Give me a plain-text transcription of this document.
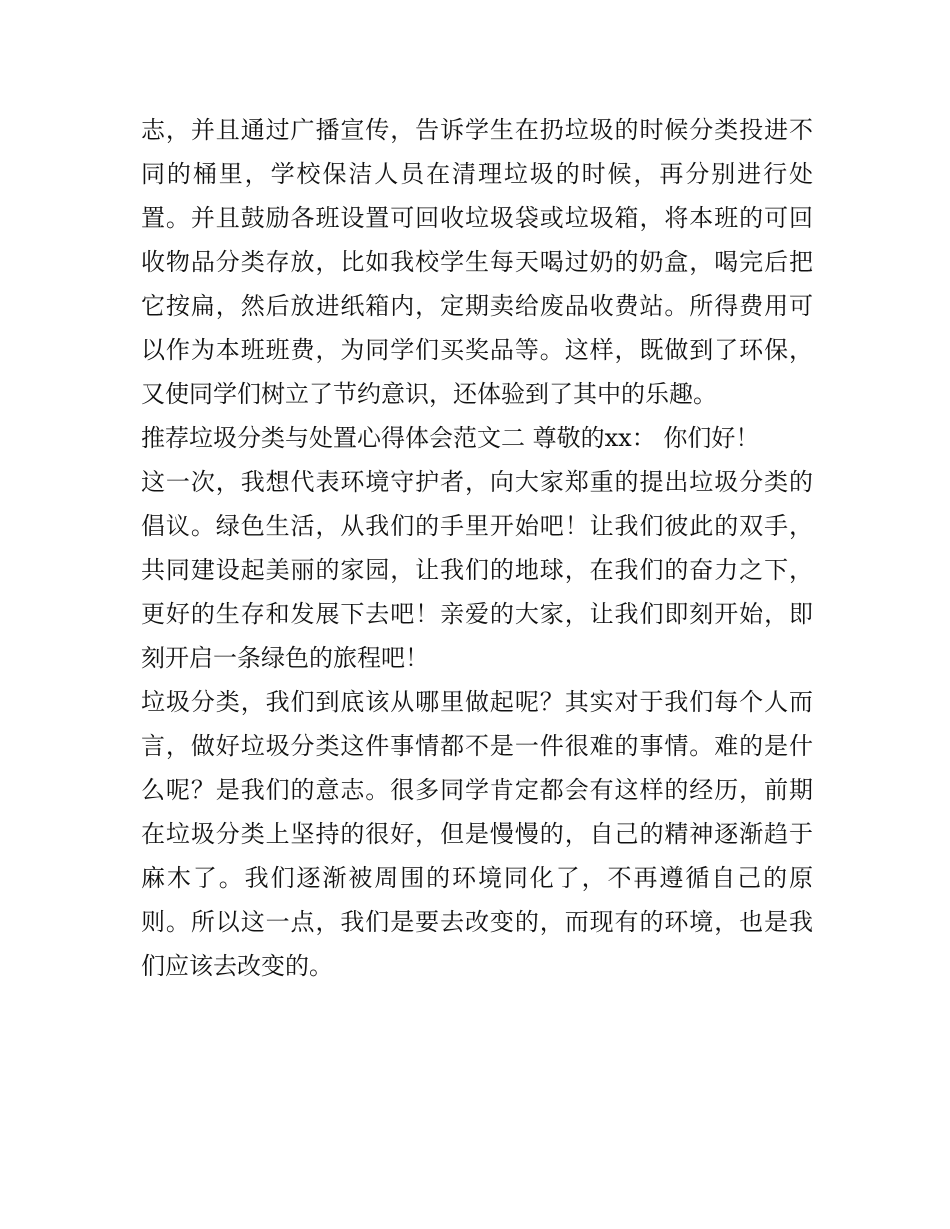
志，并且通过广播宣传，告诉学生在扔垃圾的时候分类投进不
同的桶里，学校保洁人员在清理垃圾的时候，再分别进行处
置。并且鼓励各班设置可回收垃圾袋或垃圾箱，将本班的可回
收物品分类存放，比如我校学生每天喝过奶的奶盒，喝完后把
它按扁，然后放进纸箱内，定期卖给废品收费站。所得费用可
以作为本班班费，为同学们买奖品等。这样，既做到了环保，
又使同学们树立了节约意识，还体验到了其中的乐趣。
推荐垃圾分类与处置心得体会范文二 尊敬的xx： 你们好！
这一次，我想代表环境守护者，向大家郑重的提出垃圾分类的
倡议。绿色生活，从我们的手里开始吧！让我们彼此的双手，
共同建设起美丽的家园，让我们的地球，在我们的奋力之下，
更好的生存和发展下去吧！亲爱的大家，让我们即刻开始，即
刻开启一条绿色的旅程吧！
垃圾分类，我们到底该从哪里做起呢？其实对于我们每个人而
言，做好垃圾分类这件事情都不是一件很难的事情。难的是什
么呢？是我们的意志。很多同学肯定都会有这样的经历，前期
在垃圾分类上坚持的很好，但是慢慢的，自己的精神逐渐趋于
麻木了。我们逐渐被周围的环境同化了，不再遵循自己的原
则。所以这一点，我们是要去改变的，而现有的环境，也是我
们应该去改变的。
